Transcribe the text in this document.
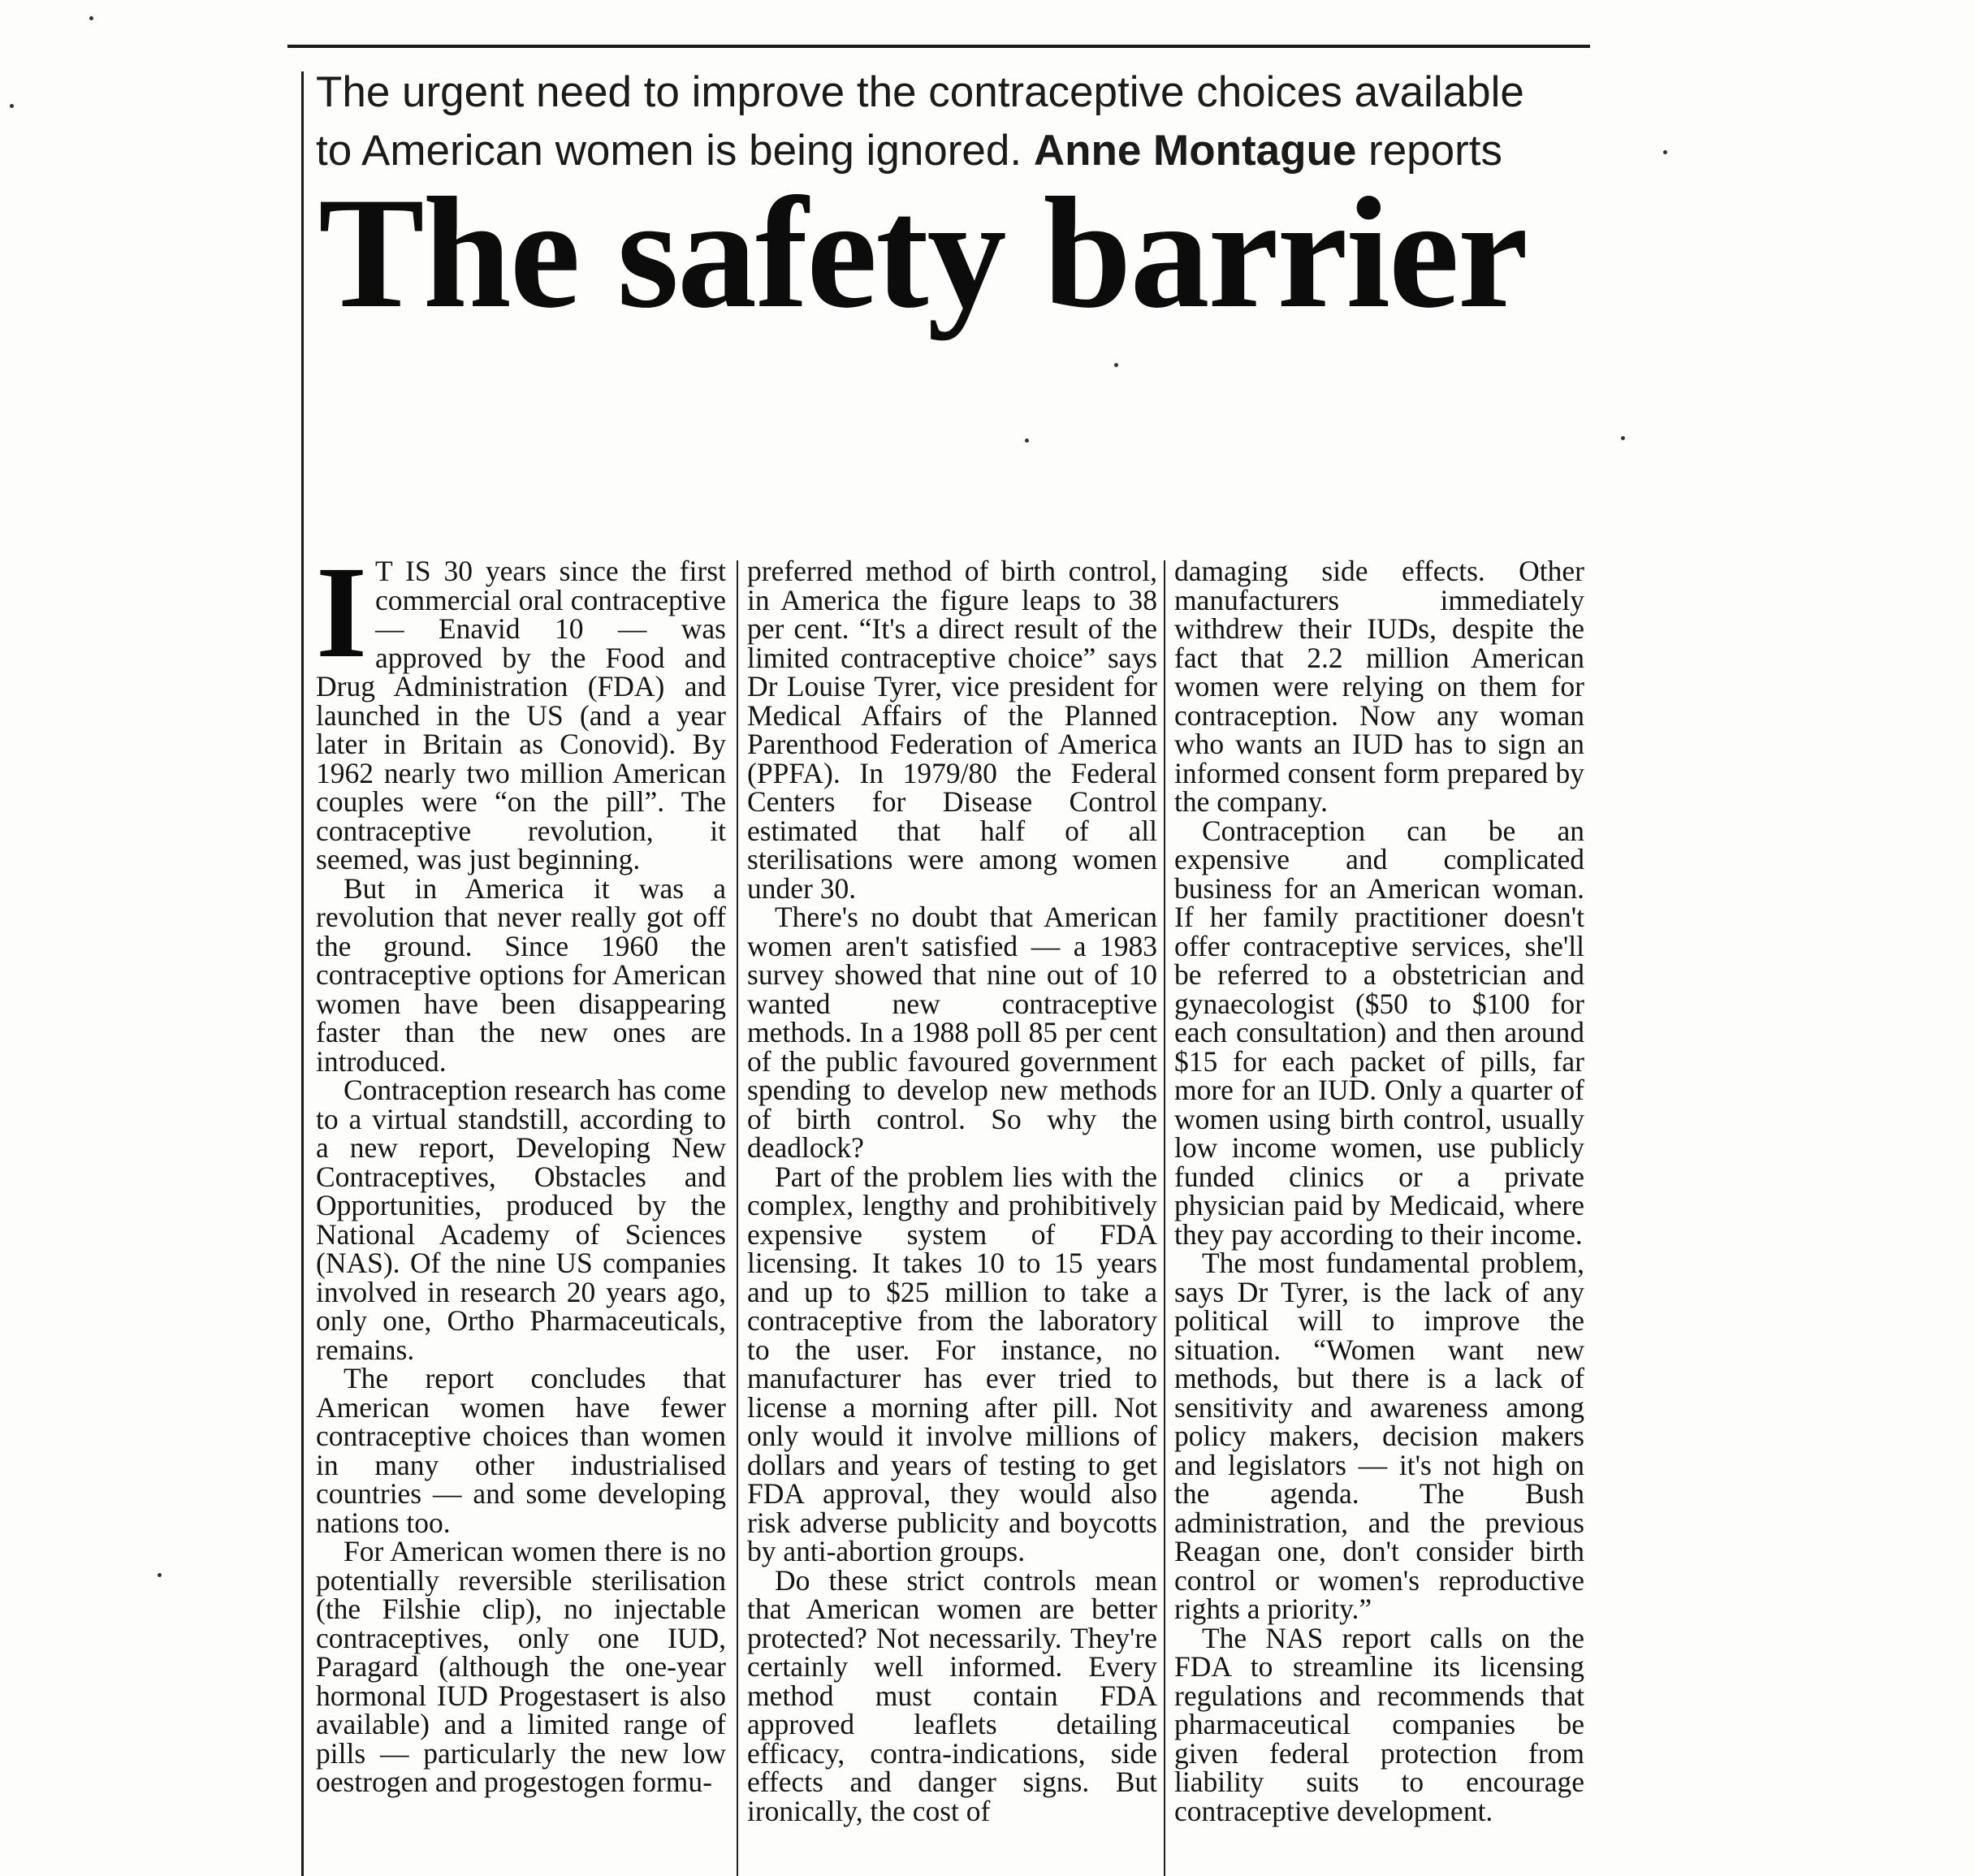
The urgent need to improve the contraceptive choices available
to American women is being ignored. Anne Montague reports
The safety barrier
I T IS 30 years since the first commercial oral contraceptive — Enavid 10 — was approved by the Food and Drug Administration (FDA) and launched in the US (and a year later in Britain as Conovid). By 1962 nearly two million American couples were “on the pill”. The contraceptive revolution, it seemed, was just beginning.

But in America it was a revolution that never really got off the ground. Since 1960 the contraceptive options for American women have been disappearing faster than the new ones are introduced.

Contraception research has come to a virtual standstill, according to a new report, Developing New Contraceptives, Obstacles and Opportunities, produced by the National Academy of Sciences (NAS). Of the nine US companies involved in research 20 years ago, only one, Ortho Pharmaceuticals, remains.

The report concludes that American women have fewer contraceptive choices than women in many other industrialised countries — and some developing nations too.

For American women there is no potentially reversible sterilisation (the Filshie clip), no injectable contraceptives, only one IUD, Paragard (although the one-year hormonal IUD Progestasert is also available) and a limited range of pills — particularly the new low oestrogen and progestogen formu-

preferred method of birth control, in America the figure leaps to 38 per cent. “It's a direct result of the limited contraceptive choice” says Dr Louise Tyrer, vice president for Medical Affairs of the Planned Parenthood Federation of America (PPFA). In 1979/80 the Federal Centers for Disease Control estimated that half of all sterilisations were among women under 30.

There's no doubt that American women aren't satisfied — a 1983 survey showed that nine out of 10 wanted new contraceptive methods. In a 1988 poll 85 per cent of the public favoured government spending to develop new methods of birth control. So why the deadlock?

Part of the problem lies with the complex, lengthy and prohibitively expensive system of FDA licensing. It takes 10 to 15 years and up to $25 million to take a contraceptive from the laboratory to the user. For instance, no manufacturer has ever tried to license a morning after pill. Not only would it involve millions of dollars and years of testing to get FDA approval, they would also risk adverse publicity and boycotts by anti-abortion groups.

Do these strict controls mean that American women are better protected? Not necessarily. They're certainly well informed. Every method must contain FDA approved leaflets detailing efficacy, contra-indications, side effects and danger signs. But ironically, the cost of

damaging side effects. Other manufacturers immediately withdrew their IUDs, despite the fact that 2.2 million American women were relying on them for contraception. Now any woman who wants an IUD has to sign an informed consent form prepared by the company.

Contraception can be an expensive and complicated business for an American woman. If her family practitioner doesn't offer contraceptive services, she'll be referred to a obstetrician and gynaecologist ($50 to $100 for each consultation) and then around $15 for each packet of pills, far more for an IUD. Only a quarter of women using birth control, usually low income women, use publicly funded clinics or a private physician paid by Medicaid, where they pay according to their income.

The most fundamental problem, says Dr Tyrer, is the lack of any political will to improve the situation. “Women want new methods, but there is a lack of sensitivity and awareness among policy makers, decision makers and legislators — it's not high on the agenda. The Bush administration, and the previous Reagan one, don't consider birth control or women's reproductive rights a priority.”

The NAS report calls on the FDA to streamline its licensing regulations and recommends that pharmaceutical companies be given federal protection from liability suits to encourage contraceptive development.
